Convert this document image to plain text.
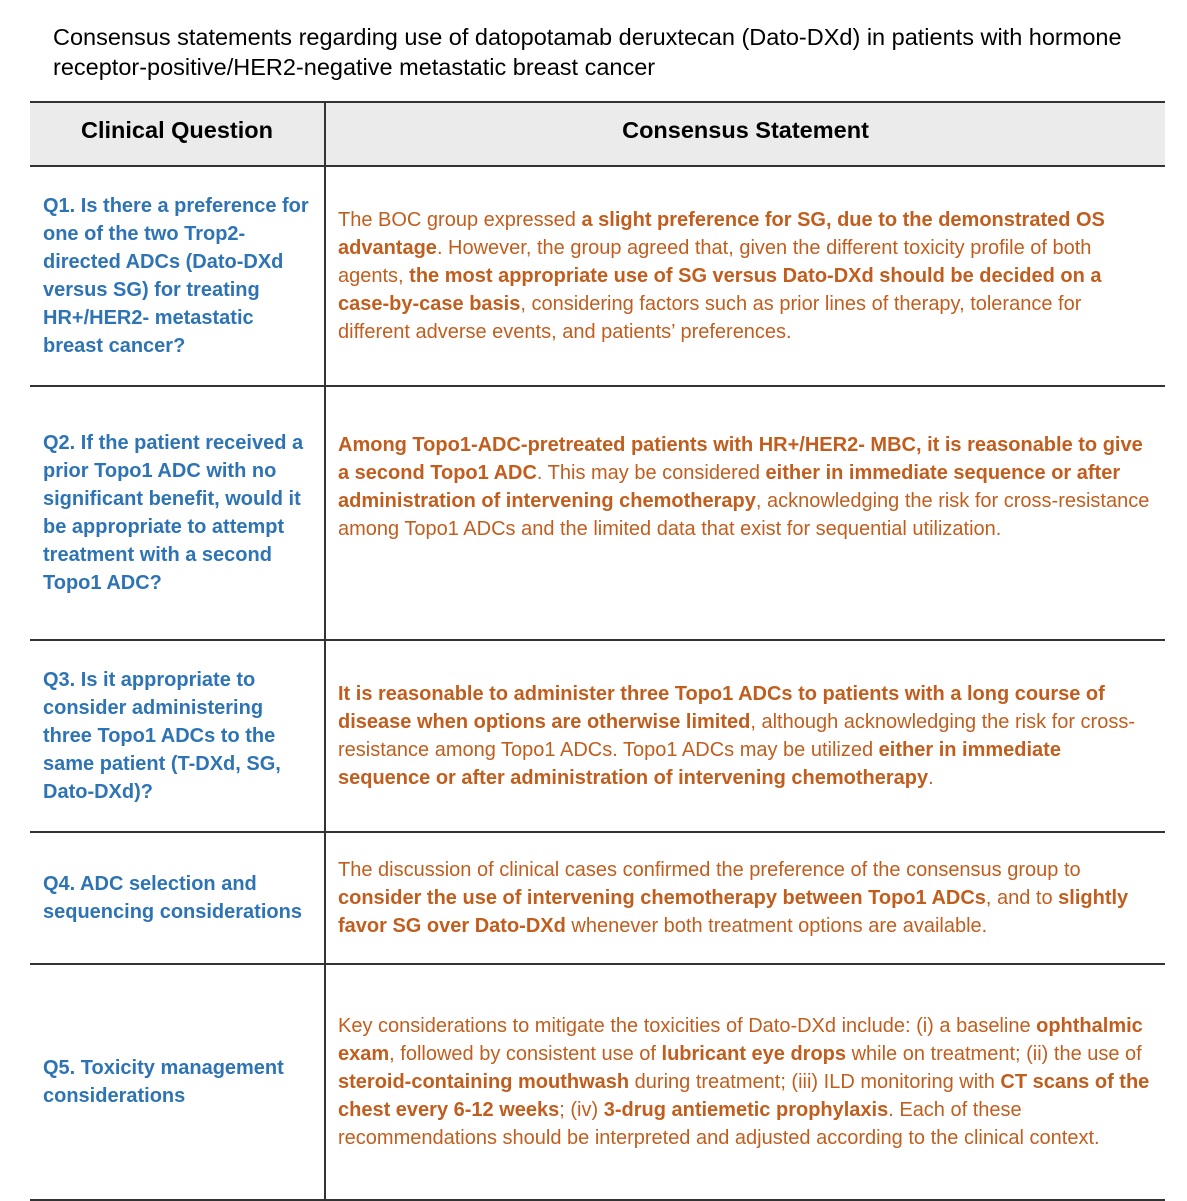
Consensus statements regarding use of datopotamab deruxtecan (Dato-DXd) in patients with hormone receptor-positive/HER2-negative metastatic breast cancer
Clinical Question	Consensus Statement

Q1. Is there a preference for one of the two Trop2-directed ADCs (Dato-DXd versus SG) for treating HR+/HER2- metastatic breast cancer?	The BOC group expressed a slight preference for SG, due to the demonstrated OS advantage. However, the group agreed that, given the different toxicity profile of both agents, the most appropriate use of SG versus Dato-DXd should be decided on a case-by-case basis, considering factors such as prior lines of therapy, tolerance for different adverse events, and patients’ preferences.

Q2. If the patient received a prior Topo1 ADC with no significant benefit, would it be appropriate to attempt treatment with a second Topo1 ADC?	Among Topo1-ADC-pretreated patients with HR+/HER2- MBC, it is reasonable to give a second Topo1 ADC. This may be considered either in immediate sequence or after administration of intervening chemotherapy, acknowledging the risk for cross-resistance among Topo1 ADCs and the limited data that exist for sequential utilization.

Q3. Is it appropriate to consider administering three Topo1 ADCs to the same patient (T-DXd, SG, Dato-DXd)?	It is reasonable to administer three Topo1 ADCs to patients with a long course of disease when options are otherwise limited, although acknowledging the risk for cross-resistance among Topo1 ADCs. Topo1 ADCs may be utilized either in immediate sequence or after administration of intervening chemotherapy.

Q4. ADC selection and sequencing considerations	The discussion of clinical cases confirmed the preference of the consensus group to consider the use of intervening chemotherapy between Topo1 ADCs, and to slightly favor SG over Dato-DXd whenever both treatment options are available.

Q5. Toxicity management considerations	Key considerations to mitigate the toxicities of Dato-DXd include: (i) a baseline ophthalmic exam, followed by consistent use of lubricant eye drops while on treatment; (ii) the use of steroid-containing mouthwash during treatment; (iii) ILD monitoring with CT scans of the chest every 6-12 weeks; (iv) 3-drug antiemetic prophylaxis. Each of these recommendations should be interpreted and adjusted according to the clinical context.
